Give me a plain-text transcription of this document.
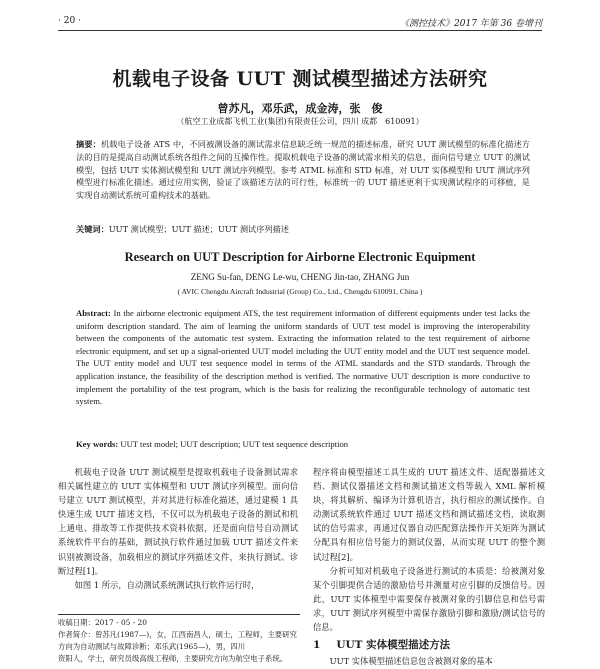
· 20 ·	《测控技术》2017 年第 36 卷增刊
机载电子设备 UUT 测试模型描述方法研究
曾苏凡，邓乐武，成金涛，张　俊
（航空工业成都飞机工业(集团)有限责任公司，四川 成都　610091）
摘要：机载电子设备 ATS 中，不同被测设备的测试需求信息缺乏统一规范的描述标准，研究 UUT 测试模型的标准化描述方法的目的是提高自动测试系统各组件之间的互操作性。提取机载电子设备的测试需求相关的信息，面向信号建立 UUT 的测试模型，包括 UUT 实体测试模型和 UUT 测试序列模型。参考 ATML 标准和 STD 标准，对 UUT 实体模型和 UUT 测试序列模型进行标准化描述。通过应用实例，验证了该描述方法的可行性，标准统一的 UUT 描述更利于实现测试程序的可移植，是实现自动测试系统可重构技术的基础。
关键词：UUT 测试模型；UUT 描述；UUT 测试序列描述
Research on UUT Description for Airborne Electronic Equipment
ZENG Su-fan, DENG Le-wu, CHENG Jin-tao, ZHANG Jun
( AVIC Chengdu Aircraft Industrial (Group) Co., Ltd., Chengdu 610091, China )
Abstract: In the airborne electronic equipment ATS, the test requirement information of different equipments under test lacks the uniform description standard. The aim of learning the uniform standards of UUT test model is improving the interoperability between the components of the automatic test system. Extracting the information related to the test requirement of airborne electronic equipment, and set up a signal-oriented UUT model including the UUT entity model and the UUT test sequence model. The UUT entity model and UUT test sequence model in terms of the ATML standards and the STD standards. Through the application instance, the feasibility of the description method is verified. The normative UUT description is more conductive to implement the portability of the test program, which is the basis for realizing the reconfigurable technology of automatic test system.
Key words: UUT test model; UUT description; UUT test sequence description

机载电子设备 UUT 测试模型是提取机载电子设备测试需求相关属性建立的 UUT 实体模型和 UUT 测试序列模型。面向信号建立 UUT 测试模型，并对其进行标准化描述，通过建模 1 具快速生成 UUT 描述文档，不仅可以为机载电子设备的测试和机上通电、排故等工作提供技术资料依据，还是面向信号自动测试系统软件平台的基础，测试执行软件通过加载 UUT 描述文件来识别被测设备，加载相应的测试序列描述文件，来执行测试、诊断过程[1]。

如图 1 所示，自动测试系统测试执行软件运行时，

程序将由模型描述工具生成的 UUT 描述文件、适配器描述文档、测试仪器描述文档和测试描述文档等载入 XML 解析模块，将其解析、编译为计算机语言，执行相应的测试操作。自动测试系统软件通过 UUT 描述文档和测试描述文档，读取测试的信号需求，再通过仪器自动匹配算法操作开关矩阵为测试分配具有相应信号能力的测试仪器，从而实现 UUT 的整个测试过程[2]。

分析可知对机载电子设备进行测试的本质是：给被测对象某个引脚提供合适的激励信号并测量对应引脚的反馈信号。因此，UUT 实体模型中需要保存被测对象的引脚信息和信号需求，UUT 测试序列模型中需保存激励引脚和激励/测试信号的信息。

收稿日期：2017 - 05 - 20
作者简介：曾苏凡(1987—)，女，江西南昌人，硕士，工程师，主要研究方向为自动测试与故障诊断；邓乐武(1965—)，男，四川
资阳人，学士，研究员级高级工程师，主要研究方向为航空电子系统。
1 UUT 实体模型描述方法
UUT 实体模型描述信息包含被测对象的基本
